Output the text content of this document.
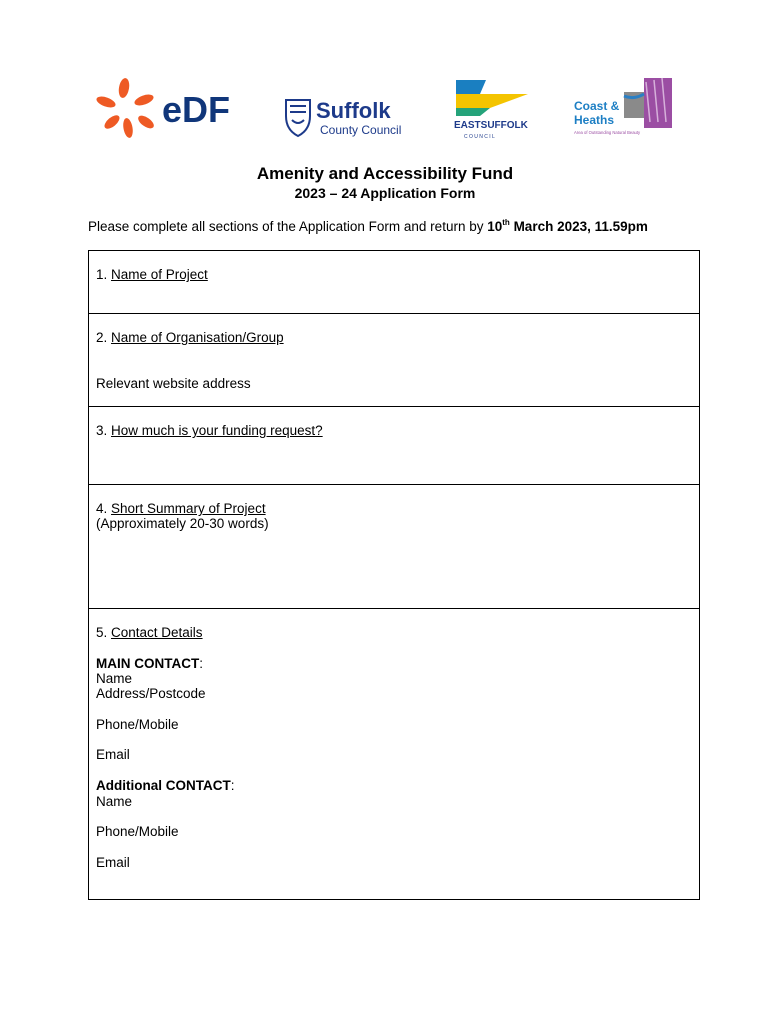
eDF	Suffolk
County Council	EASTSUFFOLK
C O U N C I L
Coast &
Heaths
Area of Outstanding Natural Beauty
Amenity and Accessibility Fund
2023 – 24 Application Form
Please complete all sections of the Application Form and return by 10th March 2023, 11.59pm
1. Name of Project
2. Name of Organisation/Group
Relevant website address
3. How much is your funding request?
4. Short Summary of Project
(Approximately 20-30 words)
5. Contact Details
MAIN CONTACT:
Name
Address/Postcode
Phone/Mobile
Email
Additional CONTACT:
Name
Phone/Mobile
Email
